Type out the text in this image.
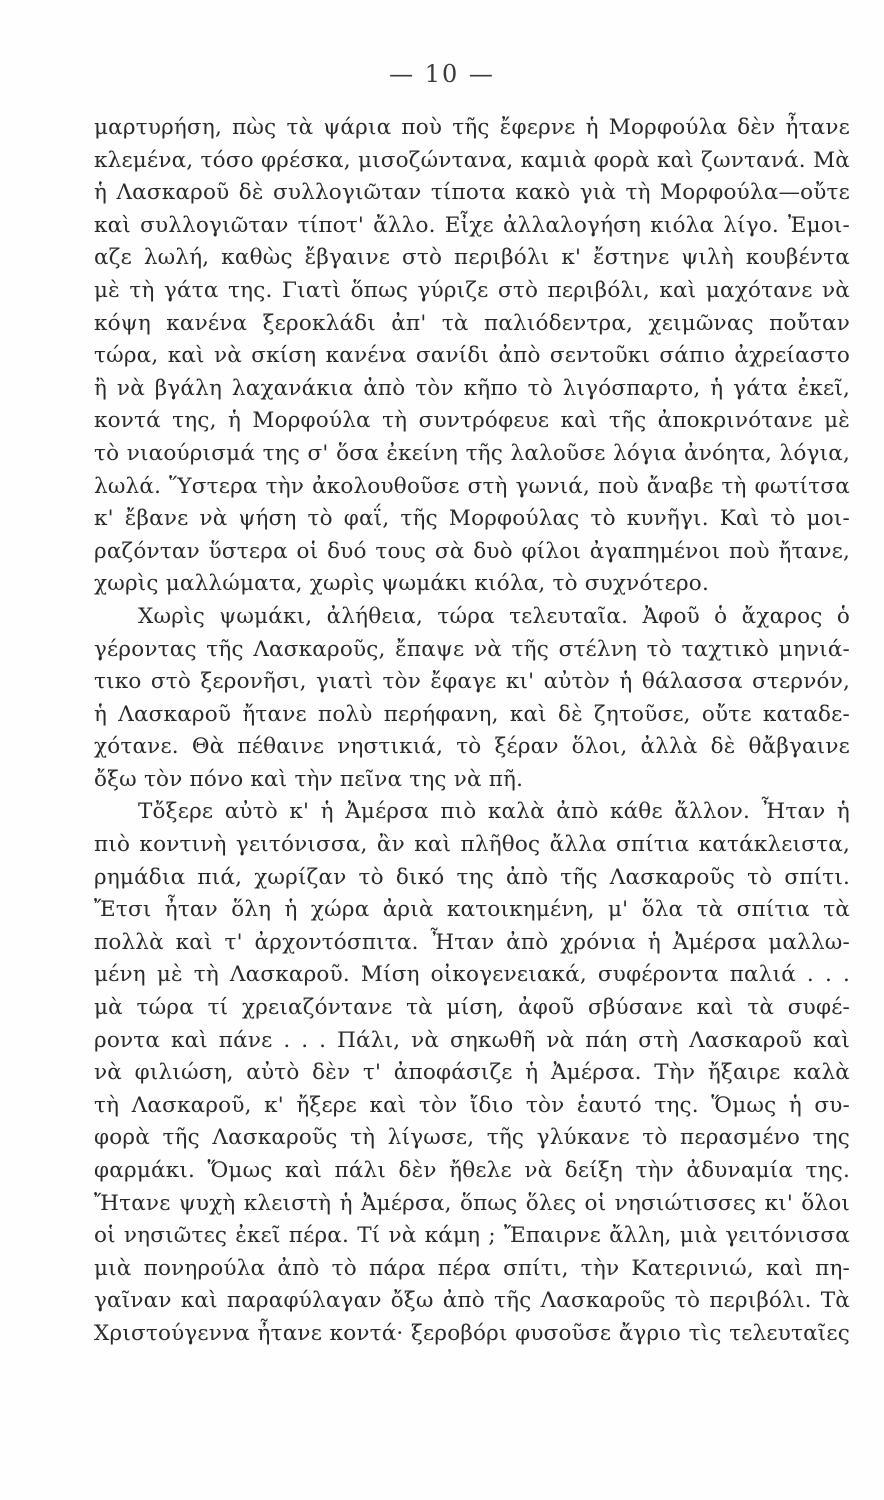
— 10 —
μαρτυρήση, πὼς τὰ ψάρια ποὺ τῆς ἔφερνε ἡ Μορφούλα δὲν ἦτανε
κλεμένα, τόσο φρέσκα, μισοζώντανα, καμιὰ φορὰ καὶ ζωντανά. Μὰ
ἡ Λασκαροῦ δὲ συλλογιῶταν τίποτα κακὸ γιὰ τὴ Μορφούλα—οὔτε
καὶ συλλογιῶταν τίποτ' ἄλλο. Εἶχε ἀλλαλογήση κιόλα λίγο. Ἐμοι-
αζε λωλή, καθὼς ἔβγαινε στὸ περιβόλι κ' ἔστηνε ψιλὴ κουβέντα
μὲ τὴ γάτα της. Γιατὶ ὅπως γύριζε στὸ περιβόλι, καὶ μαχότανε νὰ
κόψη κανένα ξεροκλάδι ἀπ' τὰ παλιόδεντρα, χειμῶνας ποὔταν
τώρα, καὶ νὰ σκίση κανένα σανίδι ἀπὸ σεντοῦκι σάπιο ἀχρείαστο
ἢ νὰ βγάλη λαχανάκια ἀπὸ τὸν κῆπο τὸ λιγόσπαρτο, ἡ γάτα ἐκεῖ,
κοντά της, ἡ Μορφούλα τὴ συντρόφευε καὶ τῆς ἀποκρινότανε μὲ
τὸ νιαούρισμά της σ' ὅσα ἐκείνη τῆς λαλοῦσε λόγια ἀνόητα, λόγια,
λωλά. Ὕστερα τὴν ἀκολουθοῦσε στὴ γωνιά, ποὺ ἄναβε τὴ φωτίτσα
κ' ἔβανε νὰ ψήση τὸ φαΐ, τῆς Μορφούλας τὸ κυνῆγι. Καὶ τὸ μοι-
ραζόνταν ὕστερα οἱ δυό τους σὰ δυὸ φίλοι ἀγαπημένοι ποὺ ἤτανε,
χωρὶς μαλλώματα, χωρὶς ψωμάκι κιόλα, τὸ συχνότερο.
Χωρὶς ψωμάκι, ἀλήθεια, τώρα τελευταῖα. Ἀφοῦ ὁ ἄχαρος ὁ
γέροντας τῆς Λασκαροῦς, ἔπαψε νὰ τῆς στέλνη τὸ ταχτικὸ μηνιά-
τικο στὸ ξερονῆσι, γιατὶ τὸν ἔφαγε κι' αὐτὸν ἡ θάλασσα στερνόν,
ἡ Λασκαροῦ ἤτανε πολὺ περήφανη, καὶ δὲ ζητοῦσε, οὔτε καταδε-
χότανε. Θὰ πέθαινε νηστικιά, τὸ ξέραν ὅλοι, ἀλλὰ δὲ θἄβγαινε
ὄξω τὸν πόνο καὶ τὴν πεῖνα της νὰ πῆ.
Τὄξερε αὐτὸ κ' ἡ Ἀμέρσα πιὸ καλὰ ἀπὸ κάθε ἄλλον. Ἦταν ἡ
πιὸ κοντινὴ γειτόνισσα, ἂν καὶ πλῆθος ἄλλα σπίτια κατάκλειστα,
ρημάδια πιά, χωρίζαν τὸ δικό της ἀπὸ τῆς Λασκαροῦς τὸ σπίτι.
Ἔτσι ἦταν ὅλη ἡ χώρα ἀριὰ κατοικημένη, μ' ὅλα τὰ σπίτια τὰ
πολλὰ καὶ τ' ἀρχοντόσπιτα. Ἦταν ἀπὸ χρόνια ἡ Ἀμέρσα μαλλω-
μένη μὲ τὴ Λασκαροῦ. Μίση οἰκογενειακά, συφέροντα παλιά . . .
μὰ τώρα τί χρειαζόντανε τὰ μίση, ἀφοῦ σβύσανε καὶ τὰ συφέ-
ροντα καὶ πάνε . . . Πάλι, νὰ σηκωθῆ νὰ πάη στὴ Λασκαροῦ καὶ
νὰ φιλιώση, αὐτὸ δὲν τ' ἀποφάσιζε ἡ Ἀμέρσα. Τὴν ἤξαιρε καλὰ
τὴ Λασκαροῦ, κ' ἤξερε καὶ τὸν ἴδιο τὸν ἑαυτό της. Ὅμως ἡ συ-
φορὰ τῆς Λασκαροῦς τὴ λίγωσε, τῆς γλύκανε τὸ περασμένο της
φαρμάκι. Ὅμως καὶ πάλι δὲν ἤθελε νὰ δείξη τὴν ἀδυναμία της.
Ἤτανε ψυχὴ κλειστὴ ἡ Ἀμέρσα, ὅπως ὅλες οἱ νησιώτισσες κι' ὅλοι
οἱ νησιῶτες ἐκεῖ πέρα. Τί νὰ κάμη ; Ἔπαιρνε ἄλλη, μιὰ γειτόνισσα
μιὰ πονηρούλα ἀπὸ τὸ πάρα πέρα σπίτι, τὴν Κατερινιώ, καὶ πη-
γαῖναν καὶ παραφύλαγαν ὄξω ἀπὸ τῆς Λασκαροῦς τὸ περιβόλι. Τὰ
Χριστούγεννα ἦτανε κοντά· ξεροβόρι φυσοῦσε ἄγριο τὶς τελευταῖες
